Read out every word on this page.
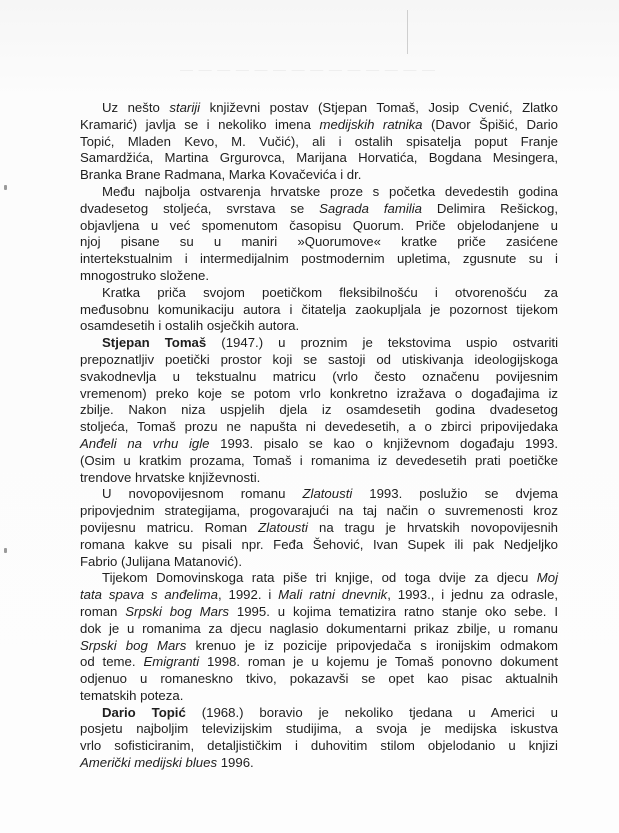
— — — — — — — — — — — — — —

Uz nešto stariji književni postav (Stjepan Tomaš, Josip Cvenić, Zlatko
Kramarić) javlja se i nekoliko imena medijskih ratnika (Davor Špišić, Dario
Topić, Mladen Kevo, M. Vučić), ali i ostalih spisatelja poput Franje
Samardžića, Martina Grgurovca, Marijana Horvatića, Bogdana Mesingera,
Branka Brane Radmana, Marka Kovačevića i dr.

Među najbolja ostvarenja hrvatske proze s početka devedestih godina
dvadesetog stoljeća, svrstava se Sagrada familia Delimira Rešickog,
objavljena u već spomenutom časopisu Quorum. Priče objelodanjene u
njoj pisane su u maniri »Quorumove« kratke priče zasićene
intertekstualnim i intermedijalnim postmodernim upletima, zgusnute su i
mnogostruko složene.

Kratka priča svojom poetičkom fleksibilnošću i otvorenošću za
međusobnu komunikaciju autora i čitatelja zaokupljala je pozornost tijekom
osamdesetih i ostalih osječkih autora.

Stjepan Tomaš (1947.) u proznim je tekstovima uspio ostvariti
prepoznatljiv poetički prostor koji se sastoji od utiskivanja ideologijskoga
svakodnevlja u tekstualnu matricu (vrlo često označenu povijesnim
vremenom) preko koje se potom vrlo konkretno izražava o događajima iz
zbilje. Nakon niza uspjelih djela iz osamdesetih godina dvadesetog
stoljeća, Tomaš prozu ne napušta ni devedesetih, a o zbirci pripovijedaka
Anđeli na vrhu igle 1993. pisalo se kao o književnom događaju 1993.
(Osim u kratkim prozama, Tomaš i romanima iz devedesetih prati poetičke
trendove hrvatske književnosti.

U novopovijesnom romanu Zlatousti 1993. poslužio se dvjema
pripovjednim strategijama, progovarajući na taj način o suvremenosti kroz
povijesnu matricu. Roman Zlatousti na tragu je hrvatskih novopovijesnih
romana kakve su pisali npr. Feđa Šehović, Ivan Supek ili pak Nedjeljko
Fabrio (Julijana Matanović).

Tijekom Domovinskoga rata piše tri knjige, od toga dvije za djecu Moj
tata spava s anđelima, 1992. i Mali ratni dnevnik, 1993., i jednu za odrasle,
roman Srpski bog Mars 1995. u kojima tematizira ratno stanje oko sebe. I
dok je u romanima za djecu naglasio dokumentarni prikaz zbilje, u romanu
Srpski bog Mars krenuo je iz pozicije pripovjedača s ironijskim odmakom
od teme. Emigranti 1998. roman je u kojemu je Tomaš ponovno dokument
odjenuo u romaneskno tkivo, pokazavši se opet kao pisac aktualnih
tematskih poteza.

Dario Topić (1968.) boravio je nekoliko tjedana u Americi u
posjetu najboljim televizijskim studijima, a svoja je medijska iskustva
vrlo sofisticiranim, detaljističkim i duhovitim stilom objelodanio u knjizi
Američki medijski blues 1996.
